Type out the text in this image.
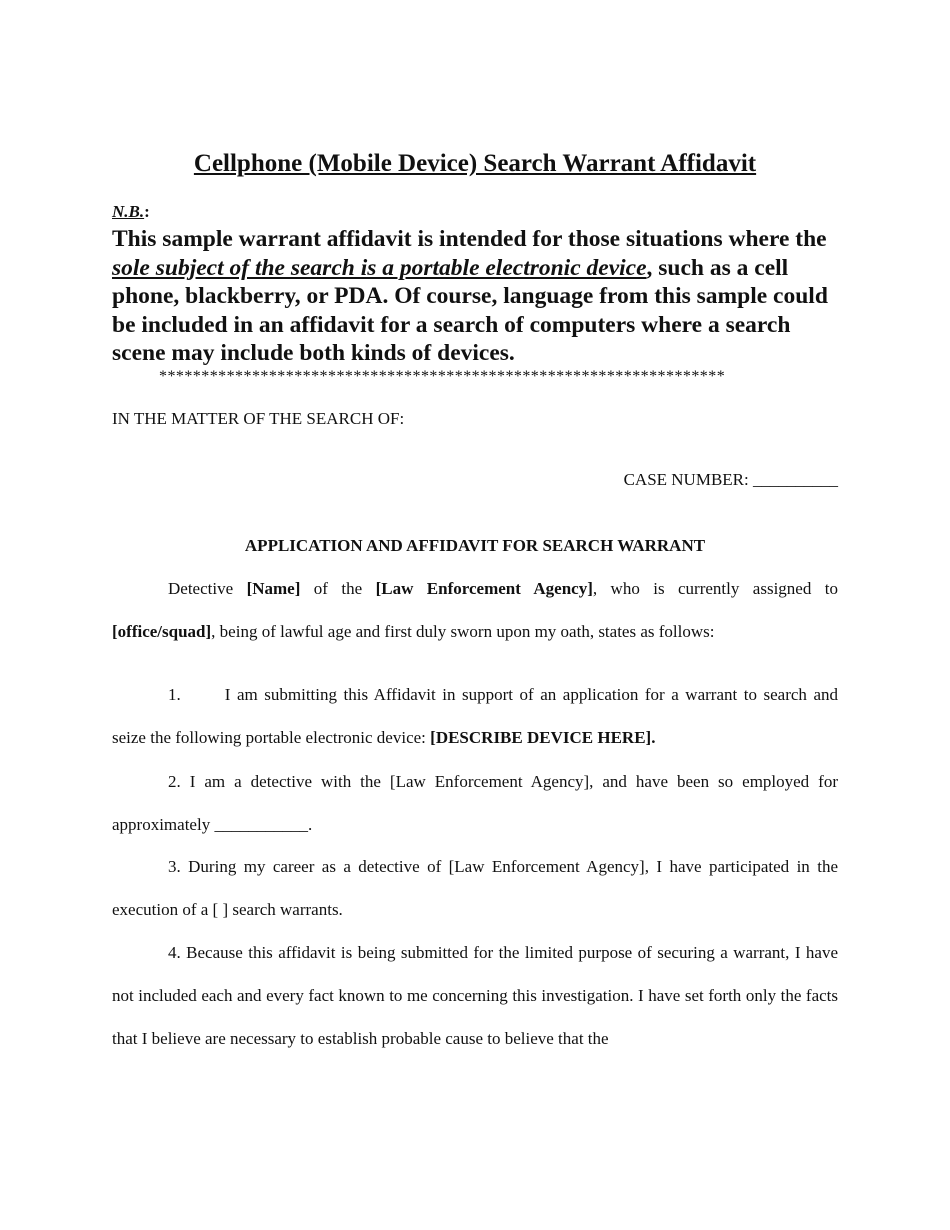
Cellphone (Mobile Device) Search Warrant Affidavit
N.B.:
This sample warrant affidavit is intended for those situations where the sole subject of the search is a portable electronic device, such as a cell phone, blackberry, or PDA. Of course, language from this sample could be included in an affidavit for a search of computers where a search scene may include both kinds of devices.
*******************************************************************
IN THE MATTER OF THE SEARCH OF:
CASE NUMBER: __________
APPLICATION AND AFFIDAVIT FOR SEARCH WARRANT
Detective [Name] of the [Law Enforcement Agency], who is currently assigned to [office/squad], being of lawful age and first duly sworn upon my oath, states as follows:
1.	I am submitting this Affidavit in support of an application for a warrant to search and seize the following portable electronic device: [DESCRIBE DEVICE HERE].
2. I am a detective with the [Law Enforcement Agency], and have been so employed for approximately ___________.
3. During my career as a detective of [Law Enforcement Agency], I have participated in the execution of a [ ] search warrants.
4. Because this affidavit is being submitted for the limited purpose of securing a warrant, I have not included each and every fact known to me concerning this investigation. I have set forth only the facts that I believe are necessary to establish probable cause to believe that the
